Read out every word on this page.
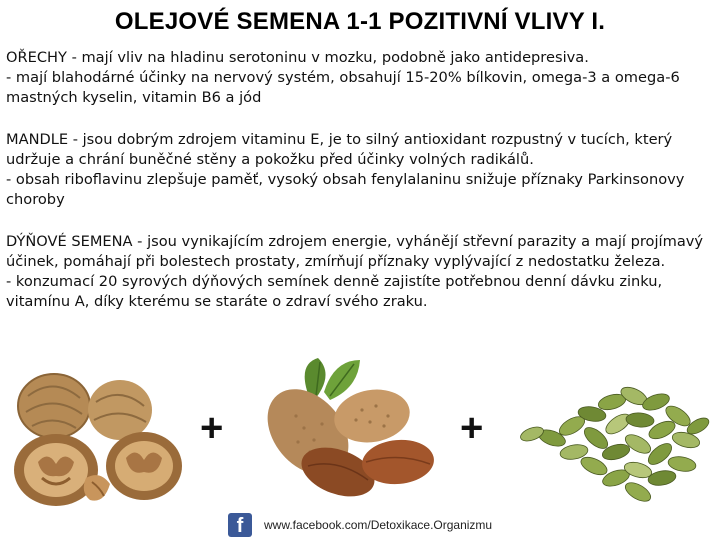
OLEJOVÉ SEMENA 1-1 POZITIVNÍ VLIVY I.

OŘECHY - mají vliv na hladinu serotoninu v mozku, podobně jako antidepresiva.

- mají blahodárné účinky na nervový systém, obsahují 15-20% bílkovin, omega-3 a omega-6 mastných kyselin, vitamin B6 a jód

MANDLE - jsou dobrým zdrojem vitaminu E, je to silný antioxidant rozpustný v tucích, který udržuje a chrání buněčné stěny a pokožku před účinky volných radikálů.

- obsah riboflavinu zlepšuje paměť, vysoký obsah fenylalaninu snižuje příznaky Parkinsonovy choroby

DÝŇOVÉ SEMENA - jsou vynikajícím zdrojem energie, vyhánějí střevní parazity a mají projímavý účinek, pomáhají při bolestech prostaty, zmírňují příznaky vyplývající z nedostatku železa.

- konzumací 20 syrových dýňových semínek denně zajistíte potřebnou denní dávku zinku, vitamínu A, díky kterému se staráte o zdraví svého zraku.

+	+
f	www.facebook.com/Detoxikace.Organizmu
